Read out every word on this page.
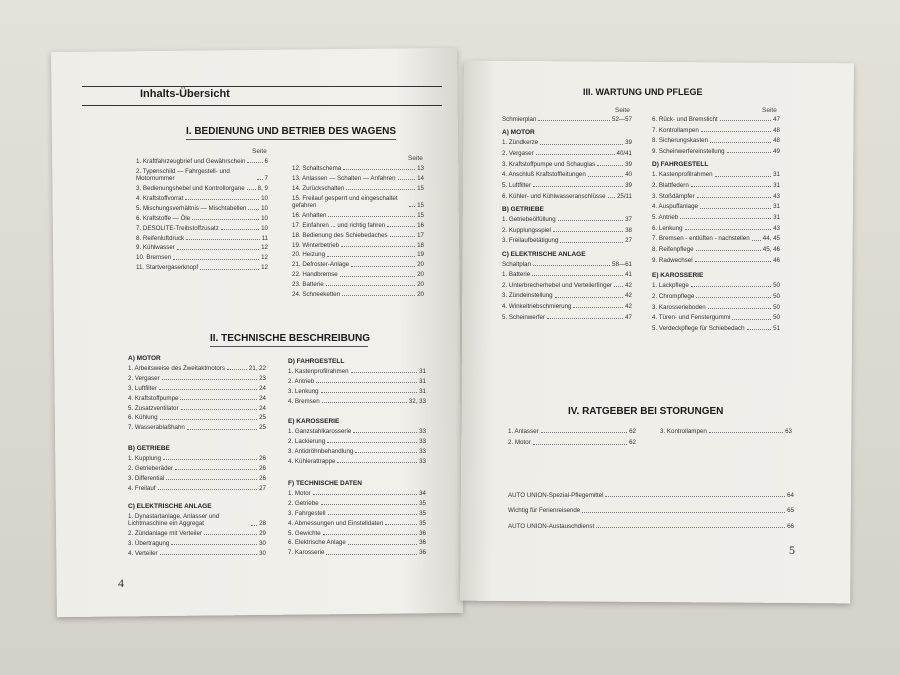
Inhalts-Übersicht
I. BEDIENUNG UND BETRIEB DES WAGENS
Seite
Seite
1. Kraftfahrzeugbrief und Gewährschein	6
2. Typenschild — Fahrgestell- und Motornummer	7
3. Bedienungshebel und Kontrollorgane 8, 9
4. Kraftstoffvorrat	10
5. Mischungsverhältnis — Mischtabellen 10
6. Kraftstoffe — Öle	10
7. DESOLITE-Treibstoffzusatz	10
8. Reifenluftdruck	11
9. Kühlwasser	12
10. Bremsen	12
11. Startvergaserknopf	12
12. Schaltschema	13
13. Anlassen — Schalten — Anfahren	14
14. Zurückschalten	15
15. Freilauf gesperrt und eingeschaltet gefahren	15
16. Anhalten	15
17. Einfahren ... und richtig fahren	16
18. Bedienung des Schiebedaches	17
19. Winterbetrieb	18
20. Heizung	19
21. Defroster-Anlage	20
22. Handbremse	20
23. Batterie	20
24. Schneeketten	20
II. TECHNISCHE BESCHREIBUNG
A) MOTOR
1. Arbeitsweise des Zweitaktmotors	21, 22
2. Vergaser	23
3. Luftfilter	24
4. Kraftstoffpumpe	24
5. Zusatzventilator	24
6. Kühlung	25
7. Wasserablaßhahn	25
B) GETRIEBE
1. Kupplung	26
2. Getrieberäder	26
3. Differential	26
4. Freilauf	27
C) ELEKTRISCHE ANLAGE
1. Dynastartanlage, Anlasser und Lichtmaschine ein Aggregat	28
2. Zündanlage mit Verteiler	29
3. Übertragung	30
4. Verteiler	30
D) FAHRGESTELL
1. Kastenprofilrahmen	31
2. Antrieb	31
3. Lenkung	31
4. Bremsen	32, 33
E) KAROSSERIE
1. Ganzstahlkarosserie	33
2. Lackierung	33
3. Antidröhnbehandlung	33
4. Kühlerattrappe	33
F) TECHNISCHE DATEN
1. Motor	34
2. Getriebe	35
3. Fahrgestell	35
4. Abmessungen und Einstelldaten	35
5. Gewichte	36
6. Elektrische Anlage	36
7. Karosserie	36
4
III. WARTUNG UND PFLEGE
Seite	Seite
Schmierplan	52—57
A) MOTOR
1. Zündkerze	39
2. Vergaser	40/41
3. Kraftstoffpumpe und Schauglas	39
4. Anschluß Kraftstoffleitungen	40
5. Luftfilter	39
6. Kühler- und Kühlwasseranschlüsse 25/11
B) GETRIEBE
1. Getriebeölfüllung	37
2. Kupplungsspiel	38
3. Freilaufbetätigung	27
C) ELEKTRISCHE ANLAGE
Schaltplan	58—61
1. Batterie	41
2. Unterbrecherhebel und Verteilerfinger 42
3. Zündeinstellung	42
4. Winkeltriebschmierung	42
5. Scheinwerfer	47
6. Rück- und Bremslicht	47
7. Kontrollampen	48
8. Sicherungskasten	48
9. Scheinwerfereinstellung	49
D) FAHRGESTELL
1. Kastenprofilrahmen	31
2. Blattfedern	31
3. Stoßdämpfer	43
4. Auspuffanlage	31
5. Antrieb	31
6. Lenkung	43
7. Bremsen - entlüften - nachstellen 44, 45
8. Reifenpflege	45, 46
9. Radwechsel	46
E) KAROSSERIE
1. Lackpflege	50
2. Chrompflege	50
3. Karosserieboden	50
4. Türen- und Fenstergummi	50
5. Verdeckpflege für Schiebedach	51
IV. RATGEBER BEI STORUNGEN
1. Anlasser	62
2. Motor	62
3. Kontrollampen	63
AUTO UNION-Spezial-Pflegemittel	64
Wichtig für Ferienreisende	65
AUTO UNION-Austauschdienst	66
5
